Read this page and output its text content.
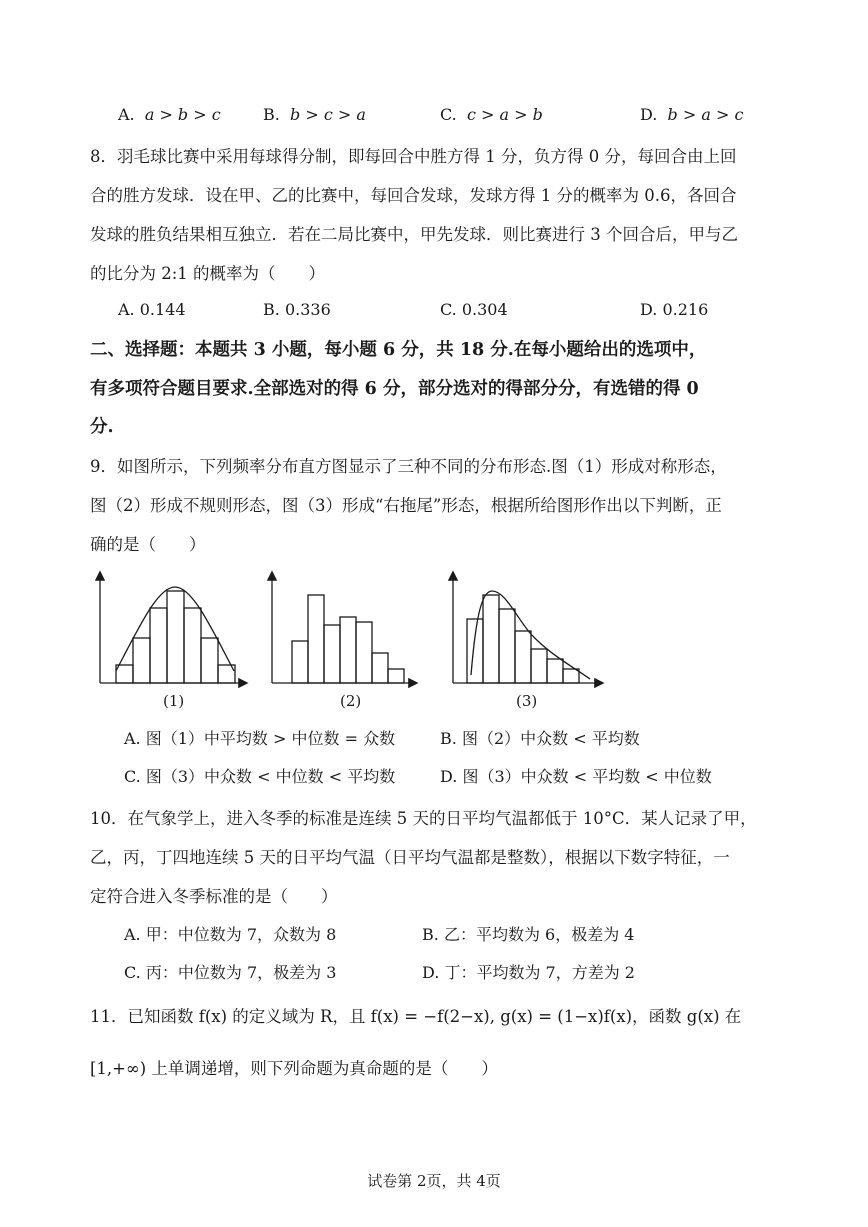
A. a > b > c	B. b > c > a	C. c > a > b	D. b > a > c
8．羽毛球比赛中采用每球得分制，即每回合中胜方得 1 分，负方得 0 分，每回合由上回
合的胜方发球．设在甲、乙的比赛中，每回合发球，发球方得 1 分的概率为 0.6，各回合
发球的胜负结果相互独立．若在二局比赛中，甲先发球．则比赛进行 3 个回合后，甲与乙
的比分为 2:1 的概率为（　　）
A. 0.144	B. 0.336	C. 0.304	D. 0.216
二、选择题：本题共 3 小题，每小题 6 分，共 18 分.在每小题给出的选项中，
有多项符合题目要求.全部选对的得 6 分，部分选对的得部分分，有选错的得 0
分.
9．如图所示，下列频率分布直方图显示了三种不同的分布形态.图（1）形成对称形态，
图（2）形成不规则形态，图（3）形成“右拖尾”形态，根据所给图形作出以下判断，正
确的是（　　）
(1)	(2)	(3)
A. 图（1）中平均数 > 中位数 = 众数	B. 图（2）中众数 < 平均数
C. 图（3）中众数 < 中位数 < 平均数	D. 图（3）中众数 < 平均数 < 中位数
10．在气象学上，进入冬季的标准是连续 5 天的日平均气温都低于 10°C．某人记录了甲，
乙，丙，丁四地连续 5 天的日平均气温（日平均气温都是整数），根据以下数字特征，一
定符合进入冬季标准的是（　　）
A. 甲：中位数为 7，众数为 8	B. 乙：平均数为 6，极差为 4
C. 丙：中位数为 7，极差为 3	D. 丁：平均数为 7，方差为 2
11．已知函数 f(x) 的定义域为 R，且 f(x) = −f(2−x), g(x) = (1−x)f(x)，函数 g(x) 在
[1,+∞) 上单调递增，则下列命题为真命题的是（　　）
试卷第 2页，共 4页
